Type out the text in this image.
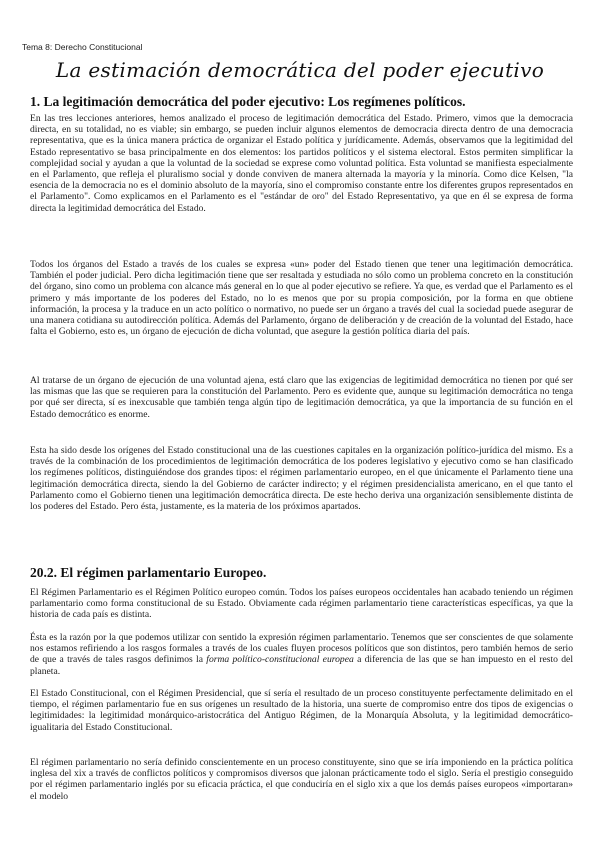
Tema 8: Derecho Constitucional
La estimación democrática del poder ejecutivo
1. La legitimación democrática del poder ejecutivo: Los regímenes políticos.
En las tres lecciones anteriores, hemos analizado el proceso de legitimación democrática del Estado. Primero, vimos que la democracia directa, en su totalidad, no es viable; sin embargo, se pueden incluir algunos elementos de democracia directa dentro de una democracia representativa, que es la única manera práctica de organizar el Estado política y jurídicamente. Además, observamos que la legitimidad del Estado representativo se basa principalmente en dos elementos: los partidos políticos y el sistema electoral. Estos permiten simplificar la complejidad social y ayudan a que la voluntad de la sociedad se exprese como voluntad política. Esta voluntad se manifiesta especialmente en el Parlamento, que refleja el pluralismo social y donde conviven de manera alternada la mayoría y la minoría. Como dice Kelsen, "la esencia de la democracia no es el dominio absoluto de la mayoría, sino el compromiso constante entre los diferentes grupos representados en el Parlamento". Como explicamos en el Parlamento es el "estándar de oro" del Estado Representativo, ya que en él se expresa de forma directa la legitimidad democrática del Estado.
Todos los órganos del Estado a través de los cuales se expresa «un» poder del Estado tienen que tener una legitimación democrática. También el poder judicial. Pero dicha legitimación tiene que ser resaltada y estudiada no sólo como un problema concreto en la constitución del órgano, sino como un problema con alcance más general en lo que al poder ejecutivo se refiere. Ya que, es verdad que el Parlamento es el primero y más importante de los poderes del Estado, no lo es menos que por su propia composición, por la forma en que obtiene información, la procesa y la traduce en un acto político o normativo, no puede ser un órgano a través del cual la sociedad puede asegurar de una manera cotidiana su autodirección política. Además del Parlamento, órgano de deliberación y de creación de la voluntad del Estado, hace falta el Gobierno, esto es, un órgano de ejecución de dicha voluntad, que asegure la gestión política diaria del país.
Al tratarse de un órgano de ejecución de una voluntad ajena, está claro que las exigencias de legitimidad democrática no tienen por qué ser las mismas que las que se requieren para la constitución del Parlamento. Pero es evidente que, aunque su legitimación democrática no tenga por qué ser directa, sí es inexcusable que también tenga algún tipo de legitimación democrática, ya que la importancia de su función en el Estado democrático es enorme.
Esta ha sido desde los orígenes del Estado constitucional una de las cuestiones capitales en la organización político-jurídica del mismo. Es a través de la combinación de los procedimientos de legitimación democrática de los poderes legislativo y ejecutivo como se han clasificado los regímenes políticos, distinguiéndose dos grandes tipos: el régimen parlamentario europeo, en el que únicamente el Parlamento tiene una legitimación democrática directa, siendo la del Gobierno de carácter indirecto; y el régimen presidencialista americano, en el que tanto el Parlamento como el Gobierno tienen una legitimación democrática directa. De este hecho deriva una organización sensiblemente distinta de los poderes del Estado. Pero ésta, justamente, es la materia de los próximos apartados.
20.2. El régimen parlamentario Europeo.
El Régimen Parlamentario es el Régimen Político europeo común. Todos los países europeos occidentales han acabado teniendo un régimen parlamentario como forma constitucional de su Estado. Obviamente cada régimen parlamentario tiene características específicas, ya que la historia de cada país es distinta.
Ésta es la razón por la que podemos utilizar con sentido la expresión régimen parlamentario. Tenemos que ser conscientes de que solamente nos estamos refiriendo a los rasgos formales a través de los cuales fluyen procesos políticos que son distintos, pero también hemos de serio de que a través de tales rasgos definimos la forma político-constitucional europea a diferencia de las que se han impuesto en el resto del planeta.
El Estado Constitucional, con el Régimen Presidencial, que sí sería el resultado de un proceso constituyente perfectamente delimitado en el tiempo, el régimen parlamentario fue en sus orígenes un resultado de la historia, una suerte de compromiso entre dos tipos de exigencias o legitimidades: la legitimidad monárquico-aristocrática del Antiguo Régimen, de la Monarquía Absoluta, y la legitimidad democrático-igualitaria del Estado Constitucional.
El régimen parlamentario no sería definido conscientemente en un proceso constituyente, sino que se iría imponiendo en la práctica política inglesa del xix a través de conflictos políticos y compromisos diversos que jalonan prácticamente todo el siglo. Sería el prestigio conseguido por el régimen parlamentario inglés por su eficacia práctica, el que conduciría en el siglo xix a que los demás países europeos «importaran» el modelo
